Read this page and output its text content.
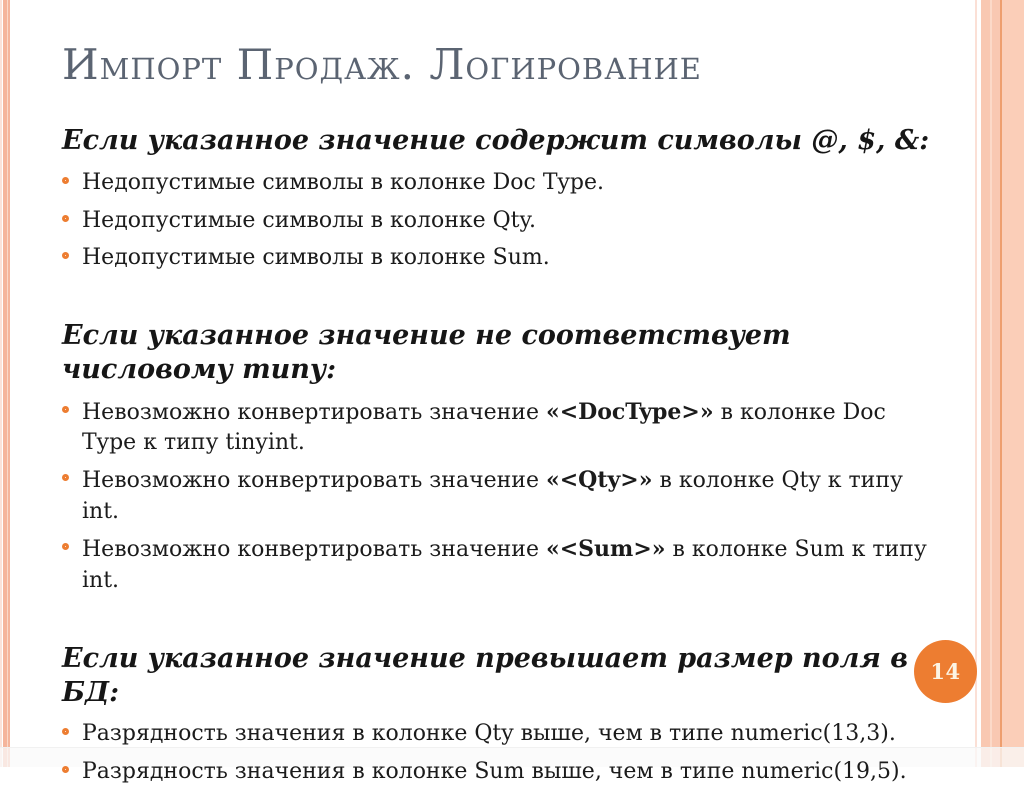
Импорт Продаж. Логирование
Если указанное значение содержит символы @, $, &:
Недопустимые символы в колонке Doc Type.
Недопустимые символы в колонке Qty.
Недопустимые символы в колонке Sum.
Если указанное значение не соответствует числовому типу:
Невозможно конвертировать значение «<DocType>» в колонке Doc Type к типу tinyint.
Невозможно конвертировать значение «<Qty>» в колонке Qty к типу int.
Невозможно конвертировать значение «<Sum>» в колонке Sum к типу int.
Если указанное значение превышает размер поля в БД:
Разрядность значения в колонке Qty выше, чем в типе numeric(13,3).
Разрядность значения в колонке Sum выше, чем в типе numeric(19,5).
14
